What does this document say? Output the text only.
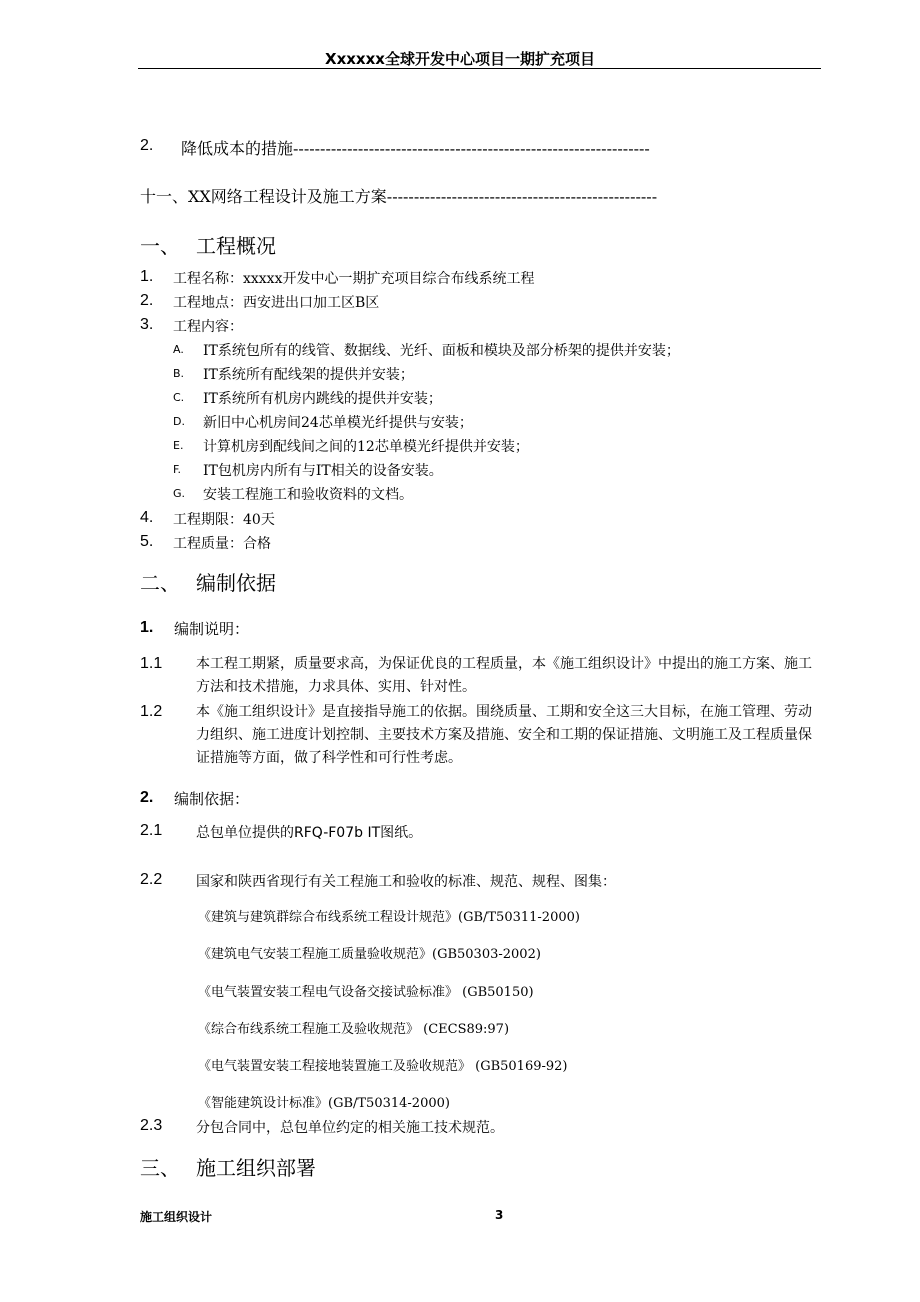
Xxxxxx全球开发中心项目一期扩充项目
2. 降低成本的措施------------------------------------------------------------------
十一、XX网络工程设计及施工方案--------------------------------------------------
一、 工程概况
1. 工程名称：xxxxx开发中心一期扩充项目综合布线系统工程
2. 工程地点：西安进出口加工区B区
3. 工程内容：
A. IT系统包所有的线管、数据线、光纤、面板和模块及部分桥架的提供并安装；
B. IT系统所有配线架的提供并安装；
C. IT系统所有机房内跳线的提供并安装；
D. 新旧中心机房间24芯单模光纤提供与安装；
E. 计算机房到配线间之间的12芯单模光纤提供并安装；
F. IT包机房内所有与IT相关的设备安装。
G. 安装工程施工和验收资料的文档。
4. 工程期限：40天
5. 工程质量：合格
二、 编制依据
1. 编制说明：
1.1 本工程工期紧，质量要求高，为保证优良的工程质量，本《施工组织设计》中提出的施工方案、施工方法和技术措施，力求具体、实用、针对性。
1.2 本《施工组织设计》是直接指导施工的依据。围绕质量、工期和安全这三大目标，在施工管理、劳动力组织、施工进度计划控制、主要技术方案及措施、安全和工期的保证措施、文明施工及工程质量保证措施等方面，做了科学性和可行性考虑。
2. 编制依据：
2.1 总包单位提供的RFQ-F07b IT图纸。
2.2 国家和陕西省现行有关工程施工和验收的标准、规范、规程、图集：
《建筑与建筑群综合布线系统工程设计规范》(GB/T50311-2000)
《建筑电气安装工程施工质量验收规范》(GB50303-2002)
《电气装置安装工程电气设备交接试验标准》 (GB50150)
《综合布线系统工程施工及验收规范》 (CECS89:97)
《电气装置安装工程接地装置施工及验收规范》 (GB50169-92)
《智能建筑设计标准》(GB/T50314-2000)
2.3 分包合同中，总包单位约定的相关施工技术规范。
三、 施工组织部署
施工组织设计	3
